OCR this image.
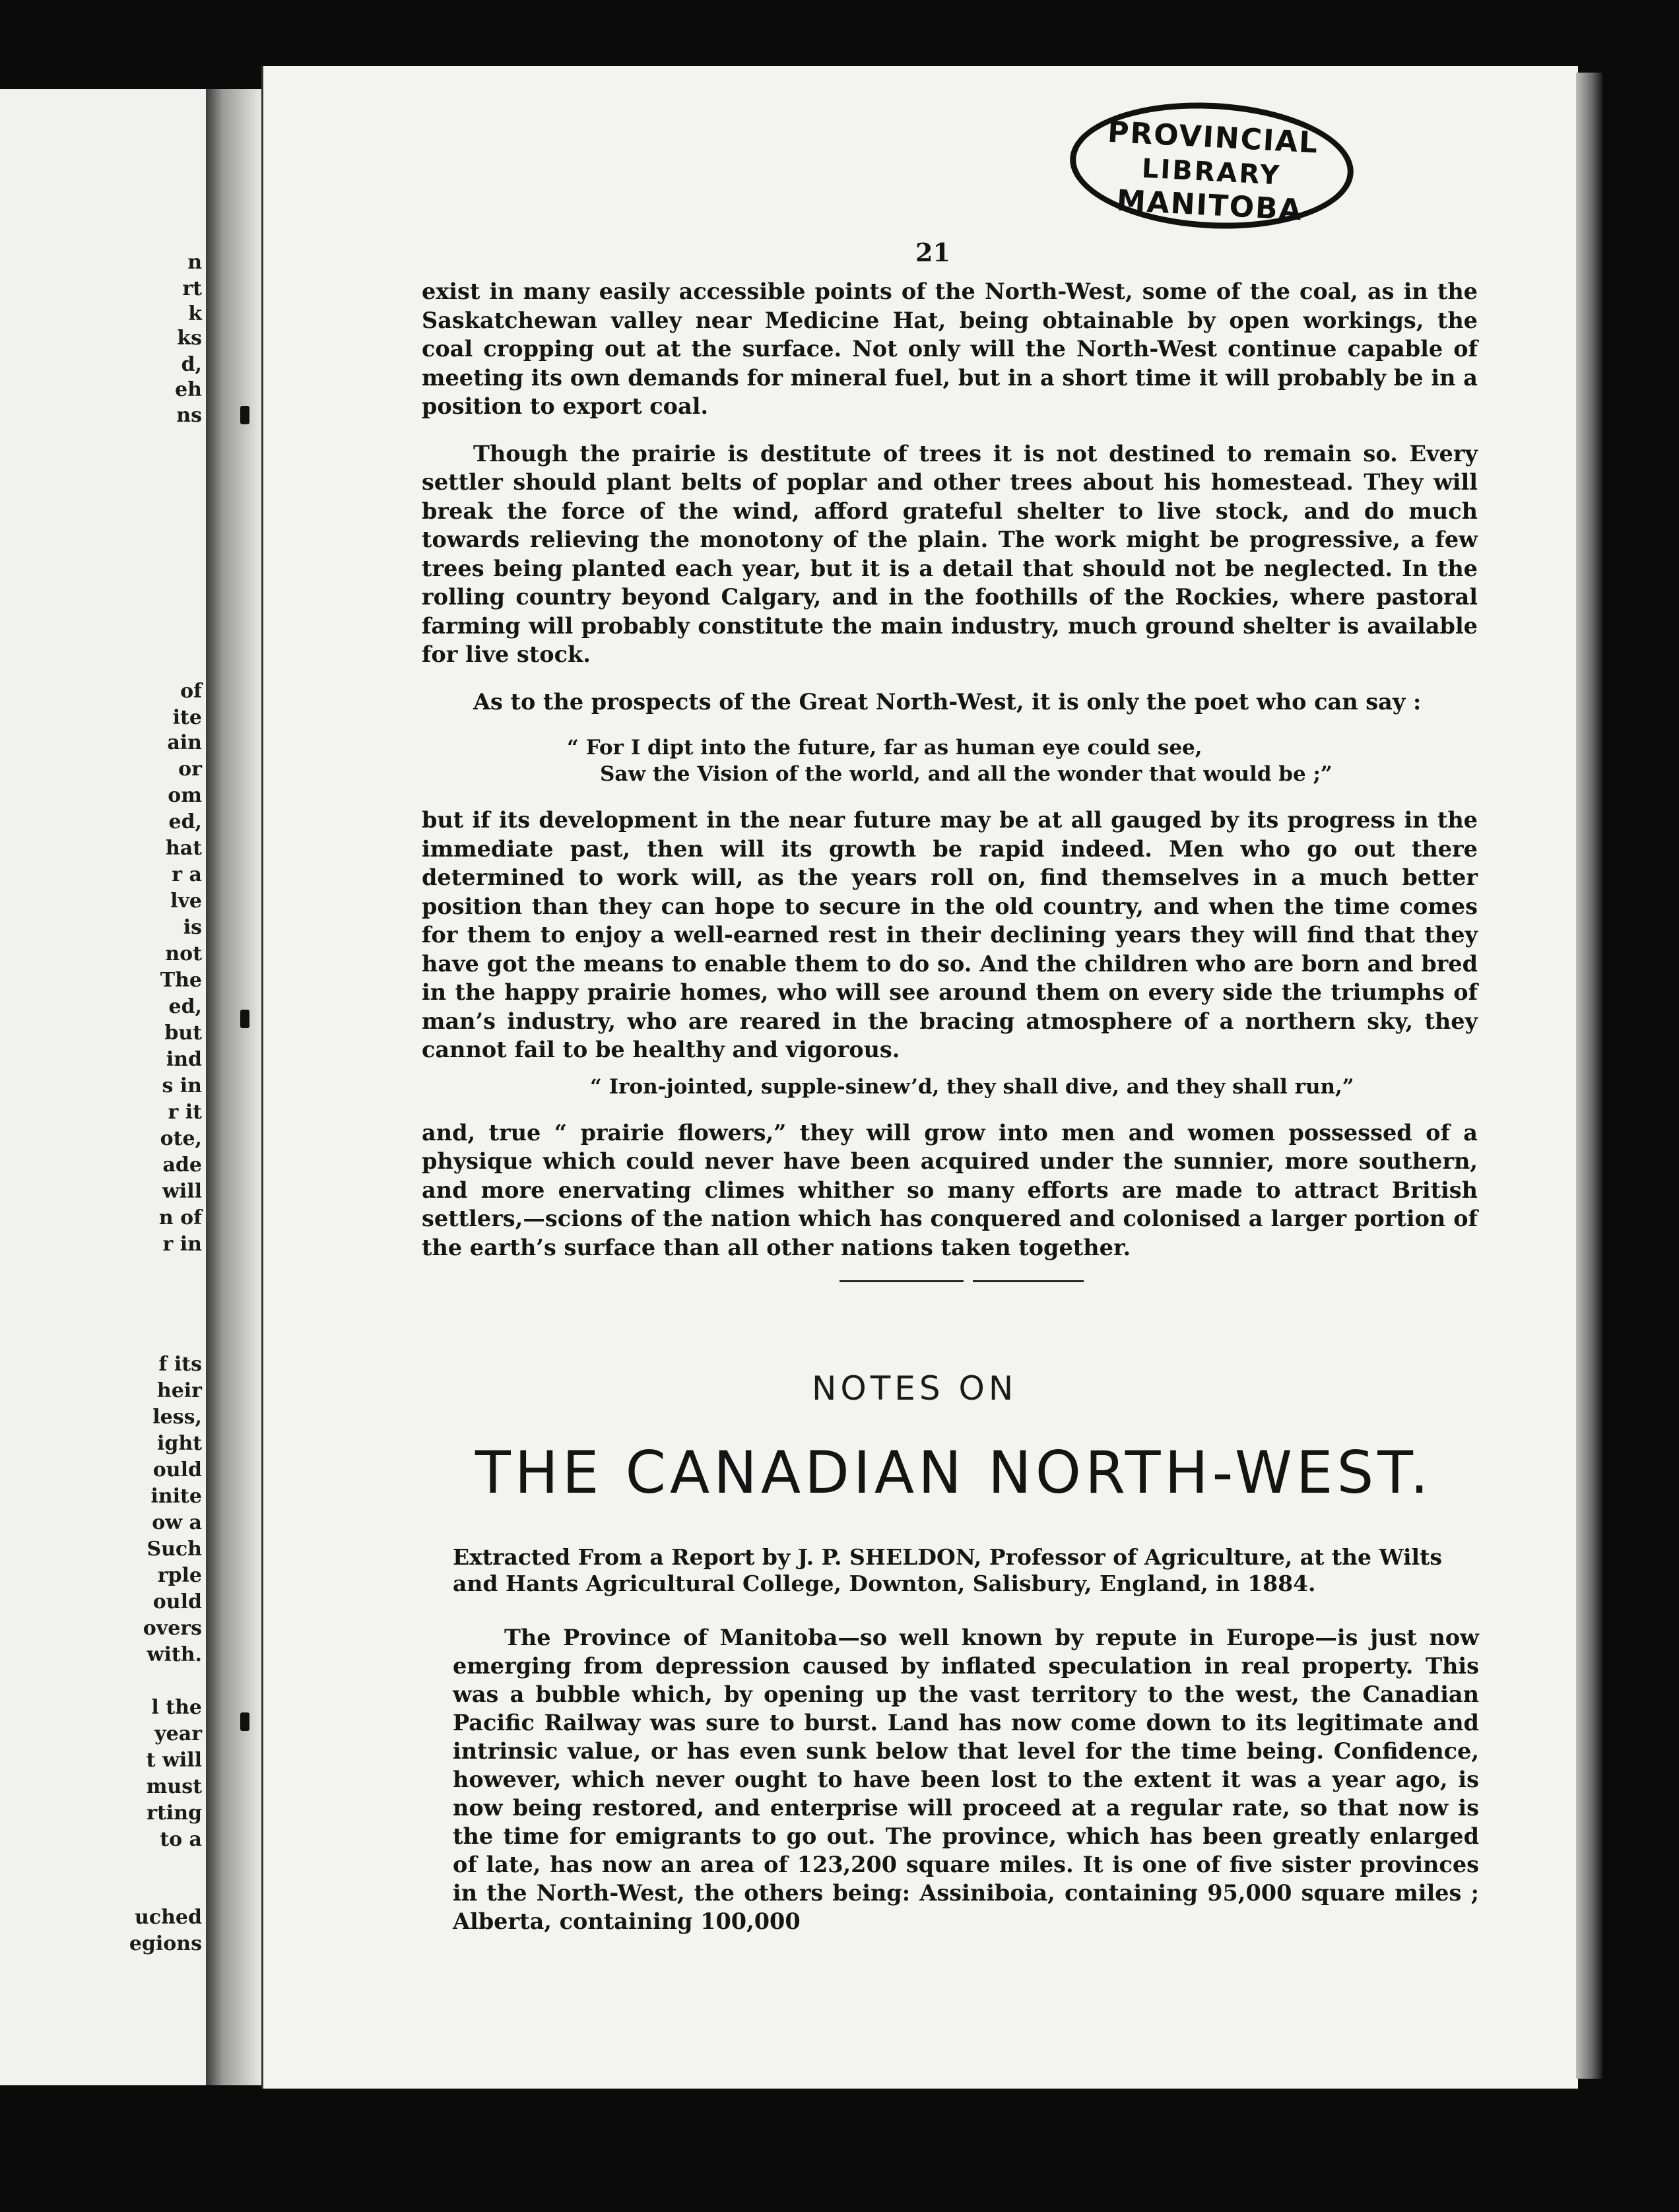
n

rt

k

ks

d,

eh

ns

of

ite

ain

or

om

ed,

hat

r a

lve

is

not

The

ed,

but

ind

s in

r it

ote,

ade

will

n of

r in

f its

heir

less,

ight

ould

inite

ow a

Such

rple

ould

overs

with.

l the

year

t will

must

rting

to a

uched

egions

PROVINCIAL
LIBRARY
MANITOBA
21

exist in many easily accessible points of the North-West, some of the coal, as in the Saskatchewan valley near Medicine Hat, being obtainable by open workings, the coal cropping out at the surface. Not only will the North-West continue capable of meeting its own demands for mineral fuel, but in a short time it will probably be in a position to export coal.

Though the prairie is destitute of trees it is not destined to remain so. Every settler should plant belts of poplar and other trees about his homestead. They will break the force of the wind, afford grateful shelter to live stock, and do much towards relieving the monotony of the plain. The work might be progressive, a few trees being planted each year, but it is a detail that should not be neglected. In the rolling country beyond Calgary, and in the foothills of the Rockies, where pastoral farming will probably constitute the main industry, much ground shelter is available for live stock.

As to the prospects of the Great North-West, it is only the poet who can say :

“ For I dipt into the future, far as human eye could see,
Saw the Vision of the world, and all the wonder that would be ;”

but if its development in the near future may be at all gauged by its progress in the immediate past, then will its growth be rapid indeed. Men who go out there determined to work will, as the years roll on, find themselves in a much better position than they can hope to secure in the old country, and when the time comes for them to enjoy a well-earned rest in their declining years they will find that they have got the means to enable them to do so. And the children who are born and bred in the happy prairie homes, who will see around them on every side the triumphs of man’s industry, who are reared in the bracing atmosphere of a northern sky, they cannot fail to be healthy and vigorous.

“ Iron-jointed, supple-sinew’d, they shall dive, and they shall run,”

and, true “ prairie flowers,” they will grow into men and women possessed of a physique which could never have been acquired under the sunnier, more southern, and more enervating climes whither so many efforts are made to attract British settlers,—scions of the nation which has conquered and colonised a larger portion of the earth’s surface than all other nations taken together.

NOTES ON
THE CANADIAN NORTH-WEST.
Extracted From a Report by J. P. SHELDON, Professor of Agriculture, at the Wilts and Hants Agricultural College, Downton, Salisbury, England, in 1884.

The Province of Manitoba—so well known by repute in Europe—is just now emerging from depression caused by inflated speculation in real property. This was a bubble which, by opening up the vast territory to the west, the Canadian Pacific Railway was sure to burst. Land has now come down to its legitimate and intrinsic value, or has even sunk below that level for the time being. Confidence, however, which never ought to have been lost to the extent it was a year ago, is now being restored, and enterprise will proceed at a regular rate, so that now is the time for emigrants to go out. The province, which has been greatly enlarged of late, has now an area of 123,200 square miles. It is one of five sister provinces in the North-West, the others being: Assiniboia, containing 95,000 square miles ; Alberta, containing 100,000
